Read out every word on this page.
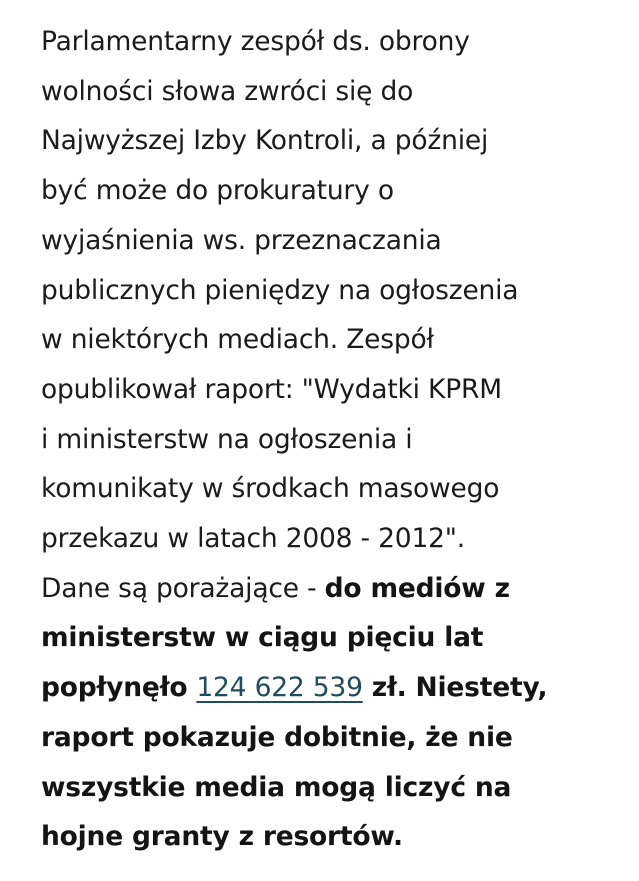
Parlamentarny zespół ds. obrony
wolności słowa zwróci się do
Najwyższej Izby Kontroli, a później
być może do prokuratury o
wyjaśnienia ws. przeznaczania
publicznych pieniędzy na ogłoszenia
w niektórych mediach. Zespół
opublikował raport: "Wydatki KPRM
i ministerstw na ogłoszenia i
komunikaty w środkach masowego
przekazu w latach 2008 - 2012".
Dane są porażające - do mediów z
ministerstw w ciągu pięciu lat
popłynęło 124 622 539 zł. Niestety,
raport pokazuje dobitnie, że nie
wszystkie media mogą liczyć na
hojne granty z resortów.
